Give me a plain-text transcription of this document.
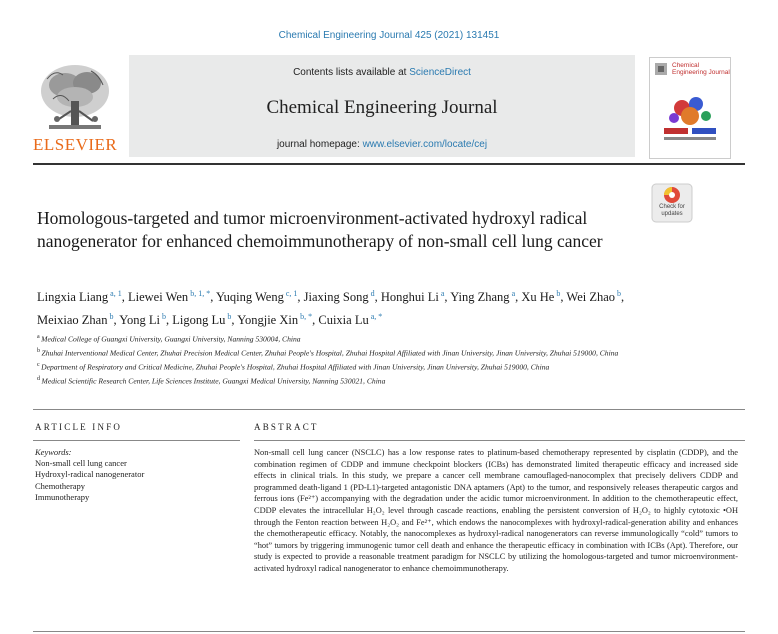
Chemical Engineering Journal 425 (2021) 131451
ELSEVIER
Contents lists available at ScienceDirect
Chemical Engineering Journal
journal homepage: www.elsevier.com/locate/cej
Chemical Engineering Journal
Check for updates
Homologous-targeted and tumor microenvironment-activated hydroxyl radical nanogenerator for enhanced chemoimmunotherapy of non-small cell lung cancer
Lingxia Liang $^{a, 1}$, Liewei Wen $^{b, 1, *}$, Yuqing Weng $^{c, 1}$, Jiaxing Song $^d$, Honghui Li $^a$, Ying Zhang $^a$, Xu He $^b$, Wei Zhao $^b$, Meixiao Zhan $^b$, Yong Li $^b$, Ligong Lu $^b$, Yongjie Xin $^{b, *}$, Cuixia Lu $^{a, *}$
$^a$ Medical College of Guangxi University, Guangxi University, Nanning 530004, China
$^b$ Zhuhai Interventional Medical Center, Zhuhai Precision Medical Center, Zhuhai People's Hospital, Zhuhai Hospital Affiliated with Jinan University, Jinan University, Zhuhai 519000, China
$^c$ Department of Respiratory and Critical Medicine, Zhuhai People's Hospital, Zhuhai Hospital Affiliated with Jinan University, Jinan University, Zhuhai 519000, China
$^d$ Medical Scientific Research Center, Life Sciences Institute, Guangxi Medical University, Nanning 530021, China
ARTICLE INFO	ABSTRACT
Keywords:
Non-small cell lung cancer
Hydroxyl-radical nanogenerator
Chemotherapy
Immunotherapy
Non-small cell lung cancer (NSCLC) has a low response rates to platinum-based chemotherapy represented by cisplatin (CDDP), and the combination regimen of CDDP and immune checkpoint blockers (ICBs) has demonstrated limited therapeutic efficacy and increased side effects in clinical trials. In this study, we prepare a cancer cell membrane camouflaged-nanocomplex that precisely delivers CDDP and programmed death-ligand 1 (PD-L1)-targeted antagonistic DNA aptamers (Apt) to the tumor, and responsively releases therapeutic cargos and ferrous ions (Fe²⁺) accompanying with the degradation under the acidic tumor microenvironment. In addition to the chemotherapeutic effect, CDDP elevates the intracellular H₂O₂ level through cascade reactions, enabling the persistent conversion of H₂O₂ to highly cytotoxic •OH through the Fenton reaction between H₂O₂ and Fe²⁺, which endows the nanocomplexes with hydroxyl-radical-generation ability and enhances the chemotherapeutic efficacy. Notably, the nanocomplexes as hydroxyl-radical nanogenerators can reverse immunologically “cold” tumors to “hot” tumors by triggering immunogenic tumor cell death and enhance the therapeutic efficacy in combination with ICBs (Apt). Therefore, our study is expected to provide a reasonable treatment paradigm for NSCLC by utilizing the homologous-targeted and tumor microenvironment-activated hydroxyl radical nanogenerator to enhance chemoimmunotherapy.
